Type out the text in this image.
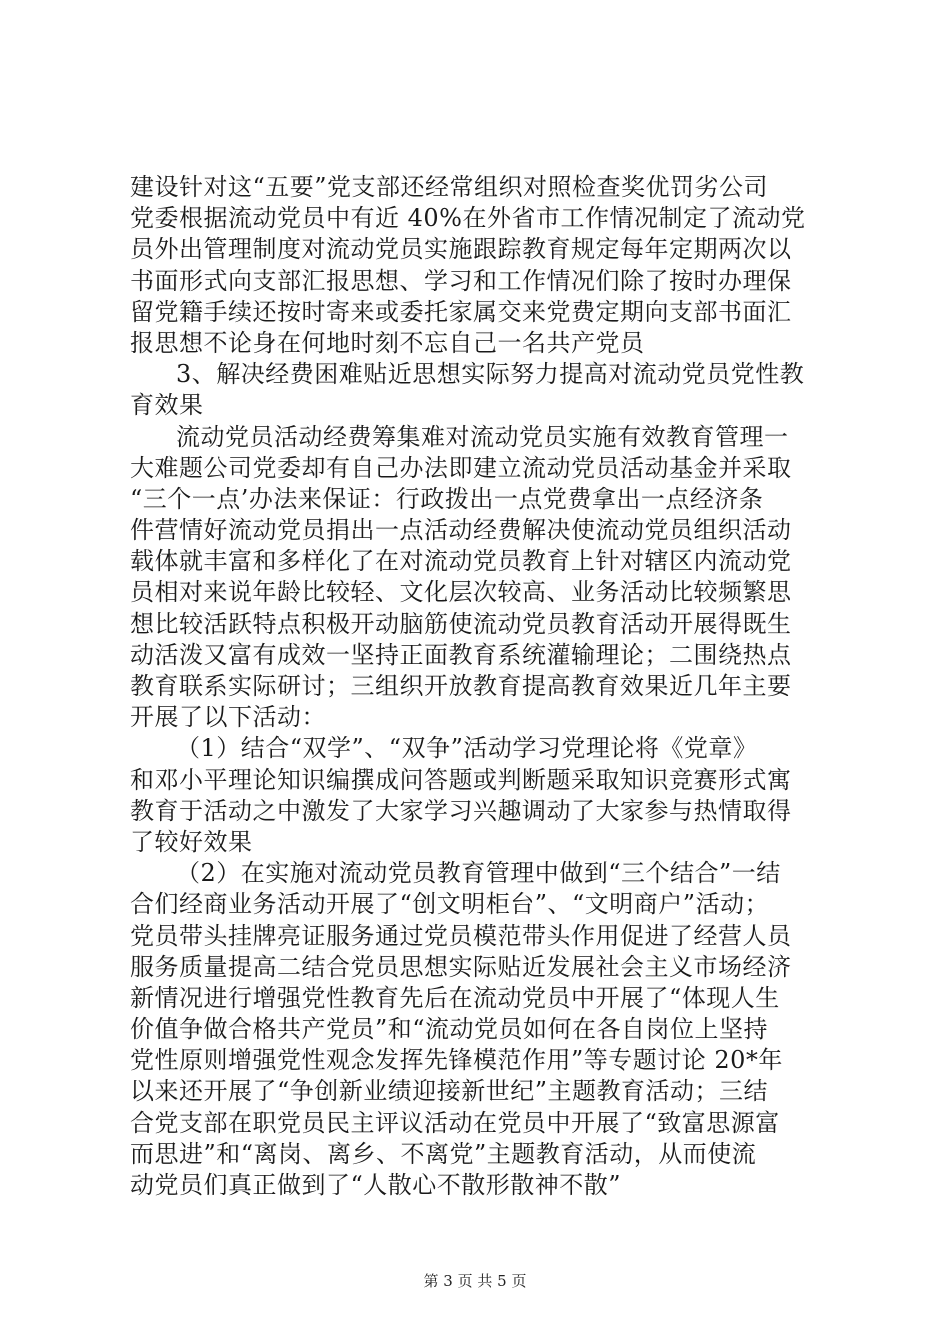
建设针对这“五要”党支部还经常组织对照检查奖优罚劣公司
党委根据流动党员中有近 40%在外省市工作情况制定了流动党
员外出管理制度对流动党员实施跟踪教育规定每年定期两次以
书面形式向支部汇报思想、学习和工作情况们除了按时办理保
留党籍手续还按时寄来或委托家属交来党费定期向支部书面汇
报思想不论身在何地时刻不忘自己一名共产党员
3、解决经费困难贴近思想实际努力提高对流动党员党性教
育效果
流动党员活动经费筹集难对流动党员实施有效教育管理一
大难题公司党委却有自己办法即建立流动党员活动基金并采取
“三个一点’办法来保证：行政拨出一点党费拿出一点经济条
件营情好流动党员捐出一点活动经费解决使流动党员组织活动
载体就丰富和多样化了在对流动党员教育上针对辖区内流动党
员相对来说年龄比较轻、文化层次较高、业务活动比较频繁思
想比较活跃特点积极开动脑筋使流动党员教育活动开展得既生
动活泼又富有成效一坚持正面教育系统灌输理论；二围绕热点
教育联系实际研讨；三组织开放教育提高教育效果近几年主要
开展了以下活动：
（1）结合“双学”、“双争”活动学习党理论将《党章》
和邓小平理论知识编撰成问答题或判断题采取知识竞赛形式寓
教育于活动之中激发了大家学习兴趣调动了大家参与热情取得
了较好效果
（2）在实施对流动党员教育管理中做到“三个结合”一结
合们经商业务活动开展了“创文明柜台”、“文明商户”活动；
党员带头挂牌亮证服务通过党员模范带头作用促进了经营人员
服务质量提高二结合党员思想实际贴近发展社会主义市场经济
新情况进行增强党性教育先后在流动党员中开展了“体现人生
价值争做合格共产党员”和“流动党员如何在各自岗位上坚持
党性原则增强党性观念发挥先锋模范作用”等专题讨论 20*年
以来还开展了“争创新业绩迎接新世纪”主题教育活动；三结
合党支部在职党员民主评议活动在党员中开展了“致富思源富
而思进”和“离岗、离乡、不离党”主题教育活动，从而使流
动党员们真正做到了“人散心不散形散神不散”
第 3 页 共 5 页
